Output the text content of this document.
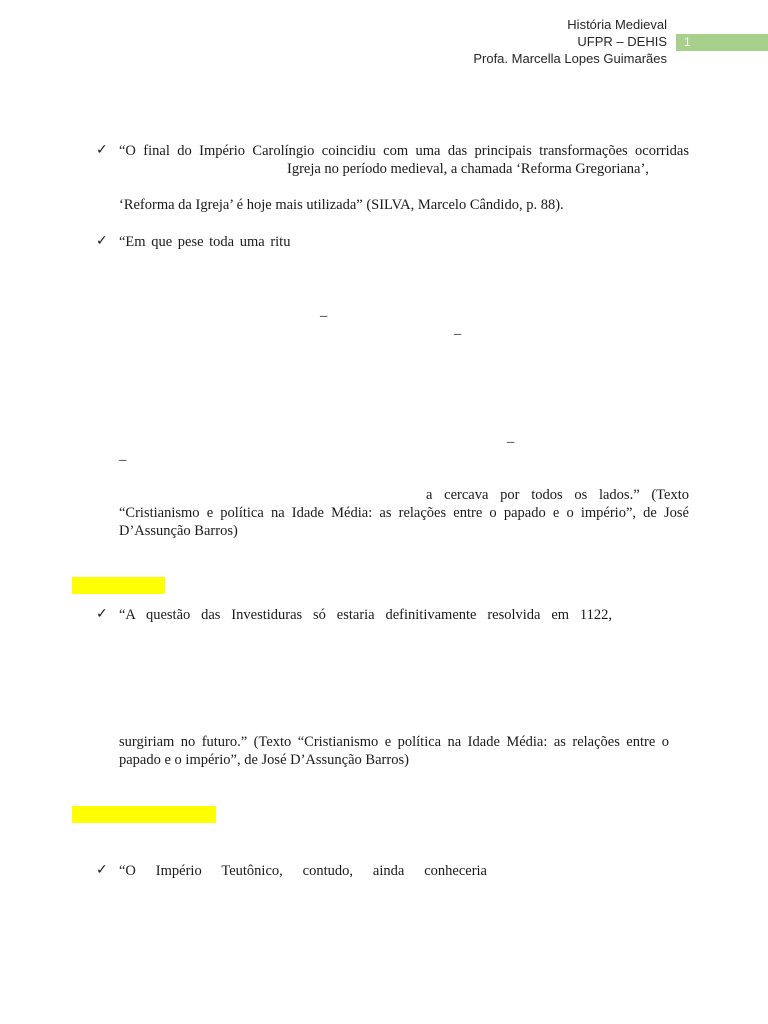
História Medieval
UFPR – DEHIS
Profa. Marcella Lopes Guimarães
1
✓ “O final do Império Carolíngio coincidiu com uma das principais transformações ocorridas
Igreja no período medieval, a chamada ‘Reforma Gregoriana’,
‘Reforma da Igreja’ é hoje mais utilizada” (SILVA, Marcelo Cândido, p. 88).
✓ “Em que pese toda uma ritu
_
_
_
_
a cercava por todos os lados.” (Texto
“Cristianismo e política na Idade Média: as relações entre o papado e o império”, de José
D’Assunção Barros)
✓ “A questão das Investiduras só estaria definitivamente resolvida em 1122,
surgiriam no futuro.” (Texto “Cristianismo e política na Idade Média: as relações entre o
papado e o império”, de José D’Assunção Barros)
✓ “O Império Teutônico, contudo, ainda conheceria
